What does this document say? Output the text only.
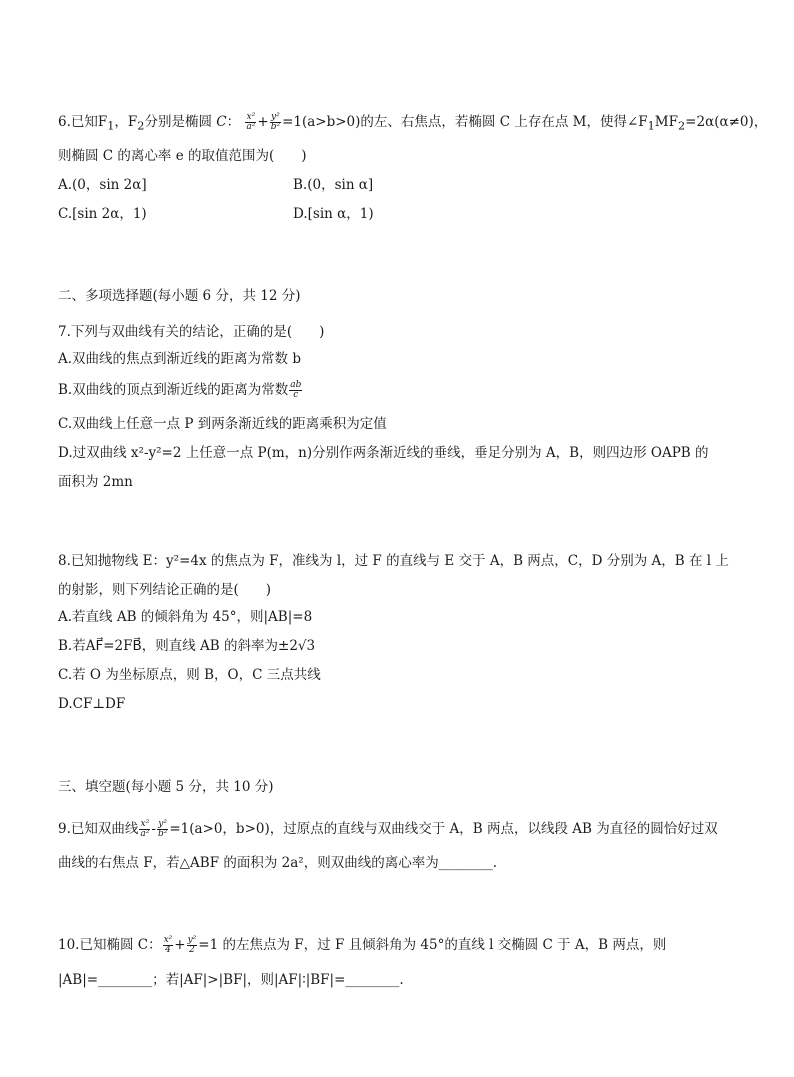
6.已知$F_1$，$F_2$分别是椭圆 C： $\frac{\text{x²}}{\text{a²}} + \frac{\text{y²}}{\text{b²}} =1(a>b>0)$的左、右焦点，若椭圆 C 上存在点 M，使得$\angle F_1MF_2=2\alpha(\alpha\ne 0)$，
则椭圆 C 的离心率 e 的取值范围为(　　)
A.(0，sin 2α]	B.(0，sin α]
C.[sin 2α，1)	D.[sin α，1)
二、多项选择题(每小题 6 分，共 12 分)
7.下列与双曲线有关的结论，正确的是(　　)
A.双曲线的焦点到渐近线的距离为常数 b
B.双曲线的顶点到渐近线的距离为常数 $\frac{ab}{c}$
C.双曲线上任意一点 P 到两条渐近线的距离乘积为定值
D.过双曲线 x²-y²=2 上任意一点 P(m，n)分别作两条渐近线的垂线，垂足分别为 A，B，则四边形 OAPB 的
面积为 2mn
8.已知抛物线 E：y²=4x 的焦点为 F，准线为 l，过 F 的直线与 E 交于 A，B 两点，C，D 分别为 A，B 在 l 上
的射影，则下列结论正确的是(　　)
A.若直线 AB 的倾斜角为 45°，则|AB|=8
B.若AF⃗=2FB⃗，则直线 AB 的斜率为±2√3
C.若 O 为坐标原点，则 B，O，C 三点共线
D.CF⊥DF
三、填空题(每小题 5 分，共 10 分)
9.已知双曲线 $\frac{\text{x²}}{\text{a²}} - \frac{\text{y²}}{\text{b²}} =1(a>0$，b>0)，过原点的直线与双曲线交于 A，B 两点，以线段 AB 为直径的圆恰好过双
曲线的右焦点 F，若△ABF 的面积为 2a²，则双曲线的离心率为________.
10.已知椭圆 C： $\frac{\text{x²}}{4} + \frac{\text{y²}}{2} =1$ 的左焦点为 F，过 F 且倾斜角为 45°的直线 l 交椭圆 C 于 A，B 两点，则
|AB|=________；若|AF|>|BF|，则|AF|∶|BF|=________.
